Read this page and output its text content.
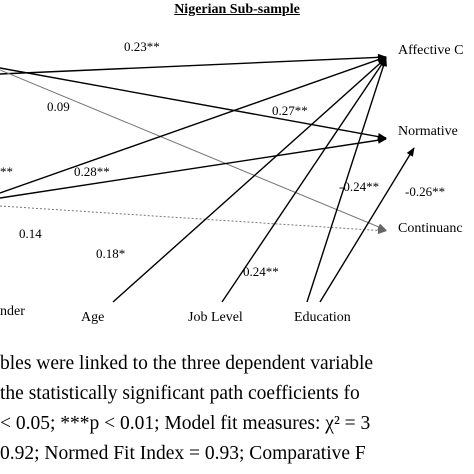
Nigerian Sub-sample
Affective C
Normative
Continuanc
nder	Age	Job Level	Education
0.23**
0.09	0.27**
**	0.28**
-0.24** -0.26**
0.14
0.18*
0.24**
bles were linked to the three dependent variable
the statistically significant path coefficients fo
< 0.05; ***p < 0.01; Model fit measures: χ² = 3
0.92; Normed Fit Index = 0.93; Comparative F
